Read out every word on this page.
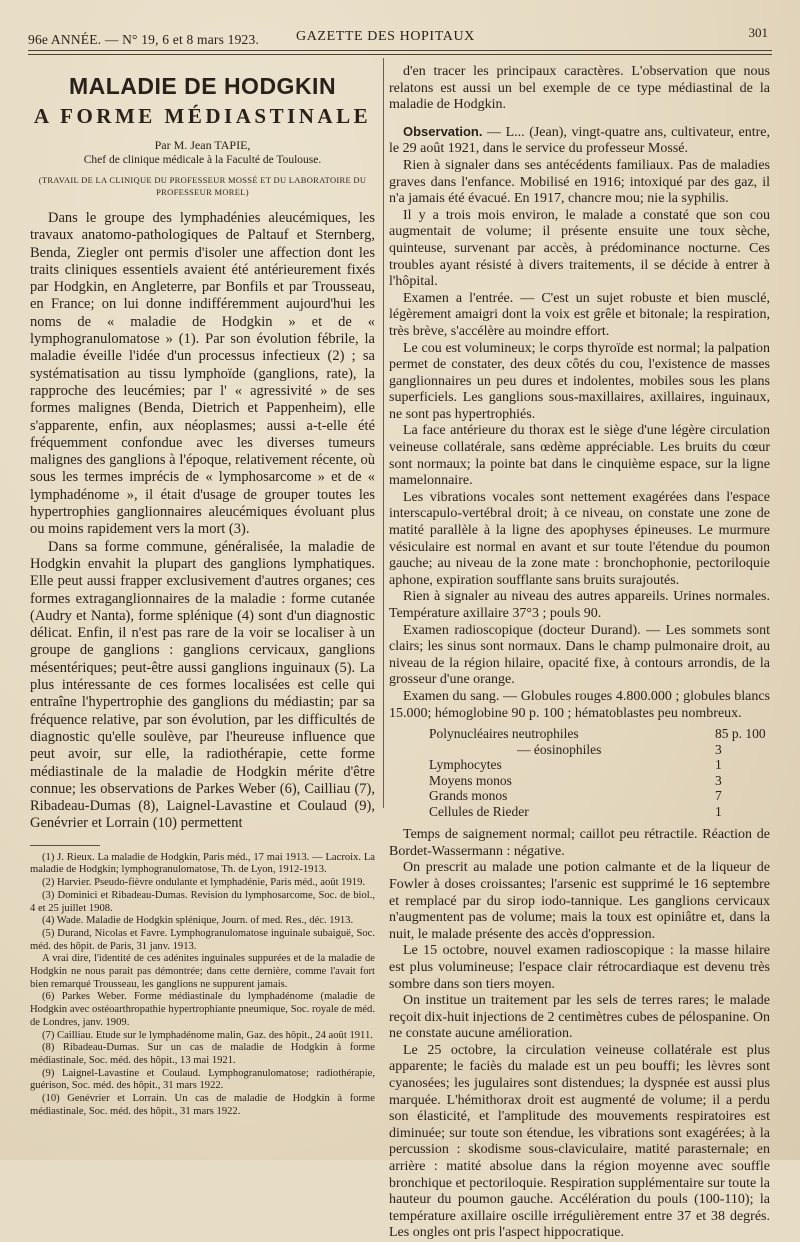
96e ANNÉE. — N° 19, 6 et 8 mars 1923.	GAZETTE DES HOPITAUX	301
MALADIE DE HODGKIN
A FORME MÉDIASTINALE
Par M. Jean TAPIE,
Chef de clinique médicale à la Faculté de Toulouse.
(TRAVAIL DE LA CLINIQUE DU PROFESSEUR MOSSÉ ET DU LABORATOIRE DU PROFESSEUR MOREL)

Dans le groupe des lymphadénies aleucémiques, les travaux anatomo-pathologiques de Paltauf et Sternberg, Benda, Ziegler ont permis d'isoler une affection dont les traits cliniques essentiels avaient été antérieurement fixés par Hodgkin, en Angleterre, par Bonfils et par Trousseau, en France; on lui donne indifféremment aujourd'hui les noms de « maladie de Hodgkin » et de « lymphogranulomatose » (1). Par son évolution fébrile, la maladie éveille l'idée d'un processus infectieux (2) ; sa systématisation au tissu lymphoïde (ganglions, rate), la rapproche des leucémies; par l' « agressivité » de ses formes malignes (Benda, Dietrich et Pappenheim), elle s'apparente, enfin, aux néoplasmes; aussi a-t-elle été fréquemment confondue avec les diverses tumeurs malignes des ganglions à l'époque, relativement récente, où sous les termes imprécis de « lymphosarcome » et de « lymphadénome », il était d'usage de grouper toutes les hypertrophies ganglionnaires aleucémiques évoluant plus ou moins rapidement vers la mort (3).

Dans sa forme commune, généralisée, la maladie de Hodgkin envahit la plupart des ganglions lymphatiques. Elle peut aussi frapper exclusivement d'autres organes; ces formes extraganglionnaires de la maladie : forme cutanée (Audry et Nanta), forme splénique (4) sont d'un diagnostic délicat. Enfin, il n'est pas rare de la voir se localiser à un groupe de ganglions : ganglions cervicaux, ganglions mésentériques; peut-être aussi ganglions inguinaux (5). La plus intéressante de ces formes localisées est celle qui entraîne l'hypertrophie des ganglions du médiastin; par sa fréquence relative, par son évolution, par les difficultés de diagnostic qu'elle soulève, par l'heureuse influence que peut avoir, sur elle, la radiothérapie, cette forme médiastinale de la maladie de Hodgkin mérite d'être connue; les observations de Parkes Weber (6), Cailliau (7), Ribadeau-Dumas (8), Laignel-Lavastine et Coulaud (9), Genévrier et Lorrain (10) permettent

(1) J. Rieux. La maladie de Hodgkin, Paris méd., 17 mai 1913. — Lacroix. La maladie de Hodgkin; lymphogranulomatose, Th. de Lyon, 1912-1913.

(2) Harvier. Pseudo-fièvre ondulante et lymphadénie, Paris méd., août 1919.

(3) Dominici et Ribadeau-Dumas. Revision du lymphosarcome, Soc. de biol., 4 et 25 juillet 1908.

(4) Wade. Maladie de Hodgkin splénique, Journ. of med. Res., déc. 1913.

(5) Durand, Nicolas et Favre. Lymphogranulomatose inguinale subaiguë, Soc. méd. des hôpit. de Paris, 31 janv. 1913.

A vrai dire, l'identité de ces adénites inguinales suppurées et de la maladie de Hodgkin ne nous parait pas démontrée; dans cette dernière, comme l'avait fort bien remarqué Trousseau, les ganglions ne suppurent jamais.

(6) Parkes Weber. Forme médiastinale du lymphadénome (maladie de Hodgkin avec ostéoarthropathie hypertrophiante pneumique, Soc. royale de méd. de Londres, janv. 1909.

(7) Cailliau. Etude sur le lymphadénome malin, Gaz. des hôpit., 24 août 1911.

(8) Ribadeau-Dumas. Sur un cas de maladie de Hodgkin à forme médiastinale, Soc. méd. des hôpit., 13 mai 1921.

(9) Laignel-Lavastine et Coulaud. Lymphogranulomatose; radiothérapie, guérison, Soc. méd. des hôpit., 31 mars 1922.

(10) Genévrier et Lorrain. Un cas de maladie de Hodgkin à forme médiastinale, Soc. méd. des hôpit., 31 mars 1922.

d'en tracer les principaux caractères. L'observation que nous relatons est aussi un bel exemple de ce type médiastinal de la maladie de Hodgkin.

Observation. — L... (Jean), vingt-quatre ans, cultivateur, entre, le 29 août 1921, dans le service du professeur Mossé.

Rien à signaler dans ses antécédents familiaux. Pas de maladies graves dans l'enfance. Mobilisé en 1916; intoxiqué par des gaz, il n'a jamais été évacué. En 1917, chancre mou; nie la syphilis.

Il y a trois mois environ, le malade a constaté que son cou augmentait de volume; il présente ensuite une toux sèche, quinteuse, survenant par accès, à prédominance nocturne. Ces troubles ayant résisté à divers traitements, il se décide à entrer à l'hôpital.

Examen a l'entrée. — C'est un sujet robuste et bien musclé, légèrement amaigri dont la voix est grêle et bitonale; la respiration, très brève, s'accélère au moindre effort.

Le cou est volumineux; le corps thyroïde est normal; la palpation permet de constater, des deux côtés du cou, l'existence de masses ganglionnaires un peu dures et indolentes, mobiles sous les plans superficiels. Les ganglions sous-maxillaires, axillaires, inguinaux, ne sont pas hypertrophiés.

La face antérieure du thorax est le siège d'une légère circulation veineuse collatérale, sans œdème appréciable. Les bruits du cœur sont normaux; la pointe bat dans le cinquième espace, sur la ligne mamelonnaire.

Les vibrations vocales sont nettement exagérées dans l'espace interscapulo-vertébral droit; à ce niveau, on constate une zone de matité parallèle à la ligne des apophyses épineuses. Le murmure vésiculaire est normal en avant et sur toute l'étendue du poumon gauche; au niveau de la zone mate : bronchophonie, pectoriloquie aphone, expiration soufflante sans bruits surajoutés.

Rien à signaler au niveau des autres appareils. Urines normales. Température axillaire 37°3 ; pouls 90.

Examen radioscopique (docteur Durand). — Les sommets sont clairs; les sinus sont normaux. Dans le champ pulmonaire droit, au niveau de la région hilaire, opacité fixe, à contours arrondis, de la grosseur d'une orange.

Examen du sang. — Globules rouges 4.800.000 ; globules blancs 15.000; hémoglobine 90 p. 100 ; hématoblastes peu nombreux.

Polynucléaires neutrophiles	85 p. 100
— éosinophiles	3
Lymphocytes	1
Moyens monos	3
Grands monos	7
Cellules de Rieder	1

Temps de saignement normal; caillot peu rétractile. Réaction de Bordet-Wassermann : négative.

On prescrit au malade une potion calmante et de la liqueur de Fowler à doses croissantes; l'arsenic est supprimé le 16 septembre et remplacé par du sirop iodo-tannique. Les ganglions cervicaux n'augmentent pas de volume; mais la toux est opiniâtre et, dans la nuit, le malade présente des accès d'oppression.

Le 15 octobre, nouvel examen radioscopique : la masse hilaire est plus volumineuse; l'espace clair rétrocardiaque est devenu très sombre dans son tiers moyen.

On institue un traitement par les sels de terres rares; le malade reçoit dix-huit injections de 2 centimètres cubes de pélospanine. On ne constate aucune amélioration.

Le 25 octobre, la circulation veineuse collatérale est plus apparente; le faciès du malade est un peu bouffi; les lèvres sont cyanosées; les jugulaires sont distendues; la dyspnée est aussi plus marquée. L'hémithorax droit est augmenté de volume; il a perdu son élasticité, et l'amplitude des mouvements respiratoires est diminuée; sur toute son étendue, les vibrations sont exagérées; à la percussion : skodisme sous-claviculaire, matité parasternale; en arrière : matité absolue dans la région moyenne avec souffle bronchique et pectoriloquie. Respiration supplémentaire sur toute la hauteur du poumon gauche. Accélération du pouls (100-110); la température axillaire oscille irrégulièrement entre 37 et 38 degrés. Les ongles ont pris l'aspect hippocratique.
